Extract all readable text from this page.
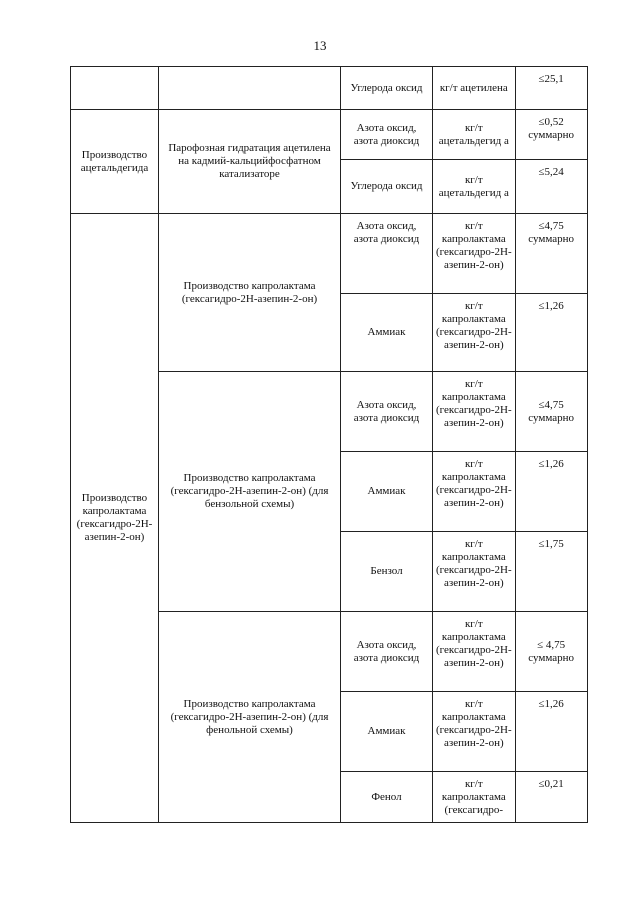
13
		Углерода оксид	кг/т ацетилена	≤25,1
Производство ацетальдегида	Парофозная гидратация ацетилена на кадмий-кальцийфосфатном катализаторе	Азота оксид, азота диоксид	кг/т ацетальдегид а	≤0,52 суммарно
		Углерода оксид	кг/т ацетальдегид а	≤5,24
Производство капролактама (гексагидро-2Н-азепин-2-он)	Производство капролактама (гексагидро-2Н-азепин-2-он)	Азота оксид, азота диоксид	кг/т капролактама (гексагидро-2Н-азепин-2-он)	≤4,75 суммарно
		Аммиак	кг/т капролактама (гексагидро-2Н-азепин-2-он)	≤1,26
	Производство капролактама (гексагидро-2Н-азепин-2-он) (для бензольной схемы)	Азота оксид, азота диоксид	кг/т капролактама (гексагидро-2Н-азепин-2-он)	≤4,75 суммарно
		Аммиак	кг/т капролактама (гексагидро-2Н-азепин-2-он)	≤1,26
		Бензол	кг/т капролактама (гексагидро-2Н-азепин-2-он)	≤1,75
	Производство капролактама (гексагидро-2Н-азепин-2-он) (для фенольной схемы)	Азота оксид, азота диоксид	кг/т капролактама (гексагидро-2Н-азепин-2-он)	≤ 4,75 суммарно
		Аммиак	кг/т капролактама (гексагидро-2Н-азепин-2-он)	≤1,26
		Фенол	кг/т капролактама (гексагидро-	≤0,21
